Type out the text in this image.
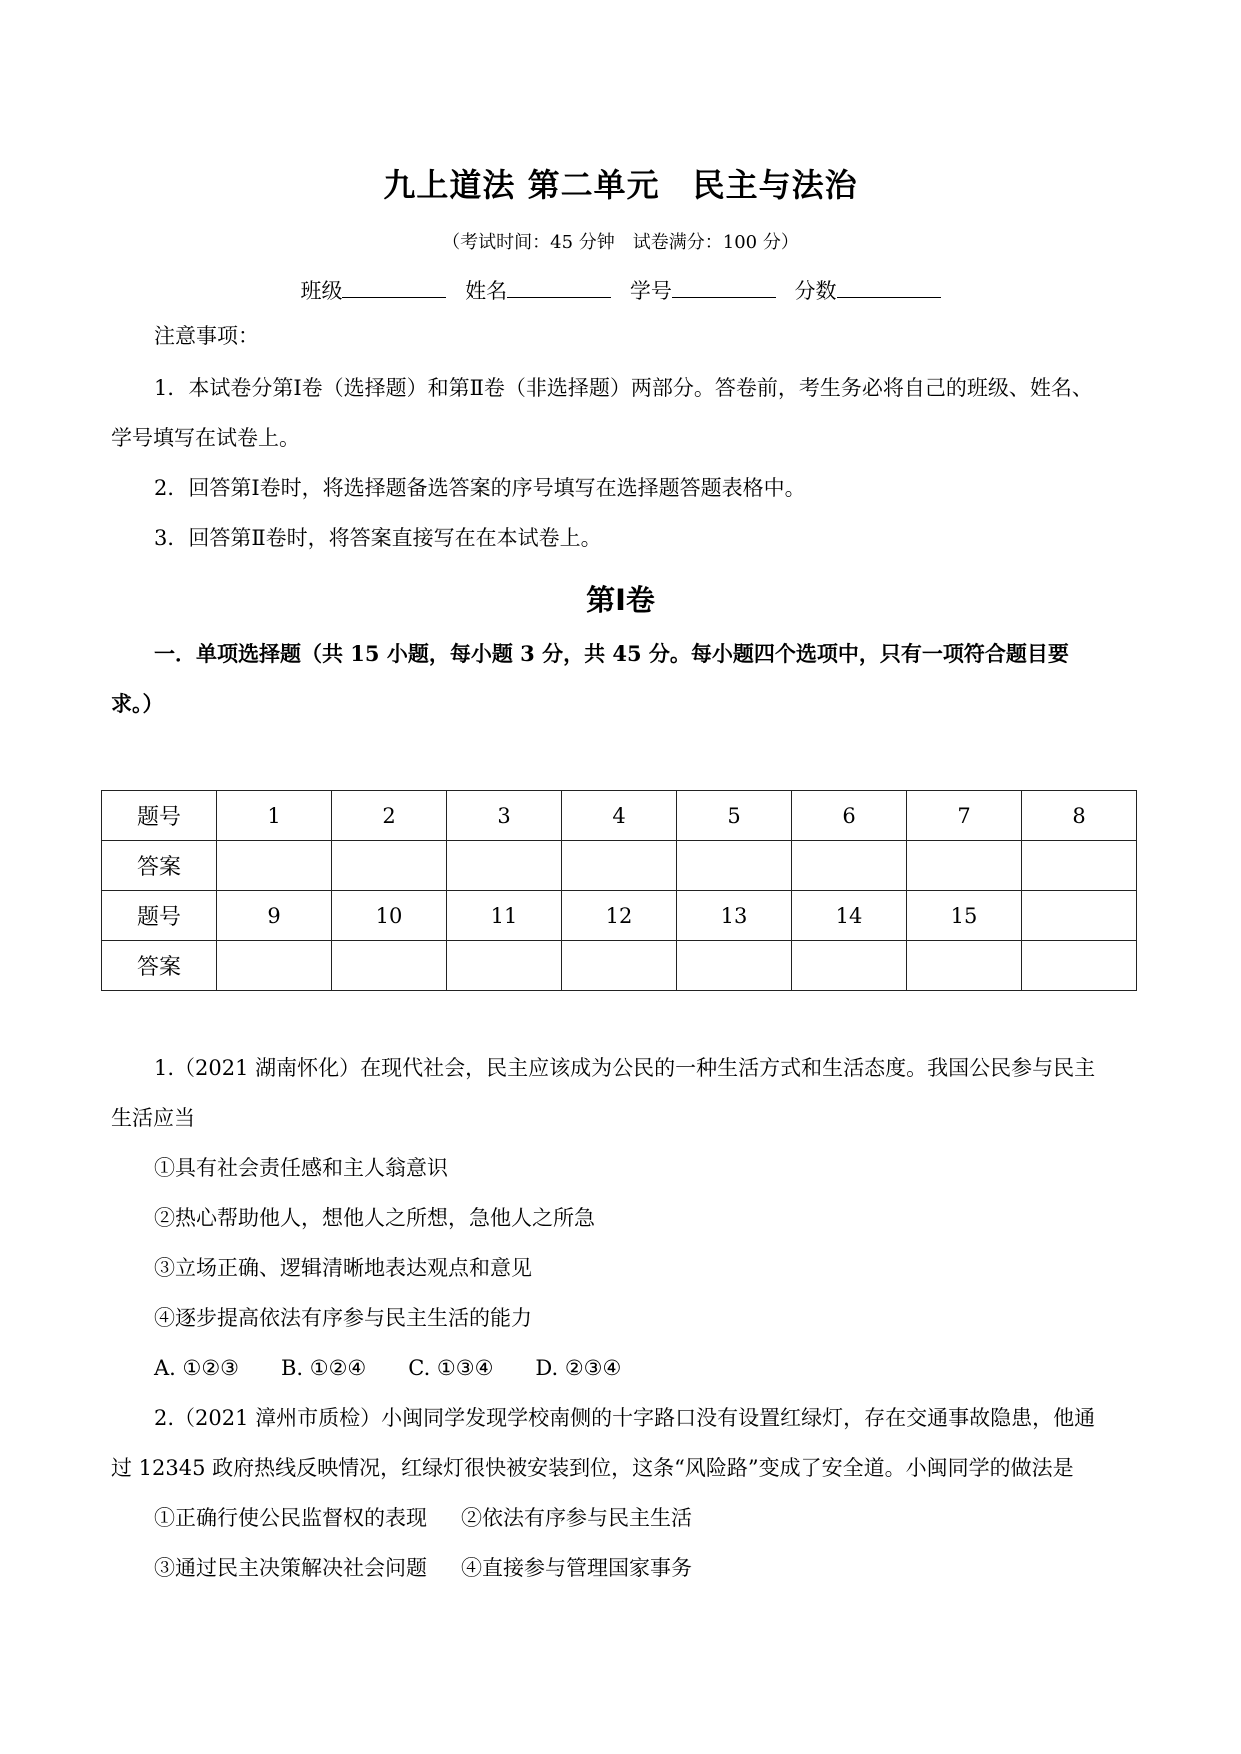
九上道法 第二单元　民主与法治
（考试时间：45 分钟　试卷满分：100 分）
班级	姓名	学号	分数
注意事项：
1．本试卷分第Ⅰ卷（选择题）和第Ⅱ卷（非选择题）两部分。答卷前，考生务必将自己的班级、姓名、
学号填写在试卷上。
2．回答第Ⅰ卷时，将选择题备选答案的序号填写在选择题答题表格中。
3．回答第Ⅱ卷时，将答案直接写在在本试卷上。
第Ⅰ卷
一．单项选择题（共 15 小题，每小题 3 分，共 45 分。每小题四个选项中，只有一项符合题目要
求。）
题号	1	2	3	4	5	6	7	8
答案								
题号	9	10	11	12	13	14	15	
答案								
1.（2021 湖南怀化）在现代社会，民主应该成为公民的一种生活方式和生活态度。我国公民参与民主
生活应当
①具有社会责任感和主人翁意识
②热心帮助他人，想他人之所想，急他人之所急
③立场正确、逻辑清晰地表达观点和意见
④逐步提高依法有序参与民主生活的能力
A. ①②③ B. ①②④ C. ①③④ D. ②③④
2.（2021 漳州市质检）小闽同学发现学校南侧的十字路口没有设置红绿灯，存在交通事故隐患，他通
过 12345 政府热线反映情况，红绿灯很快被安装到位，这条“风险路”变成了安全道。小闽同学的做法是
①正确行使公民监督权的表现 ②依法有序参与民主生活
③通过民主决策解决社会问题 ④直接参与管理国家事务
